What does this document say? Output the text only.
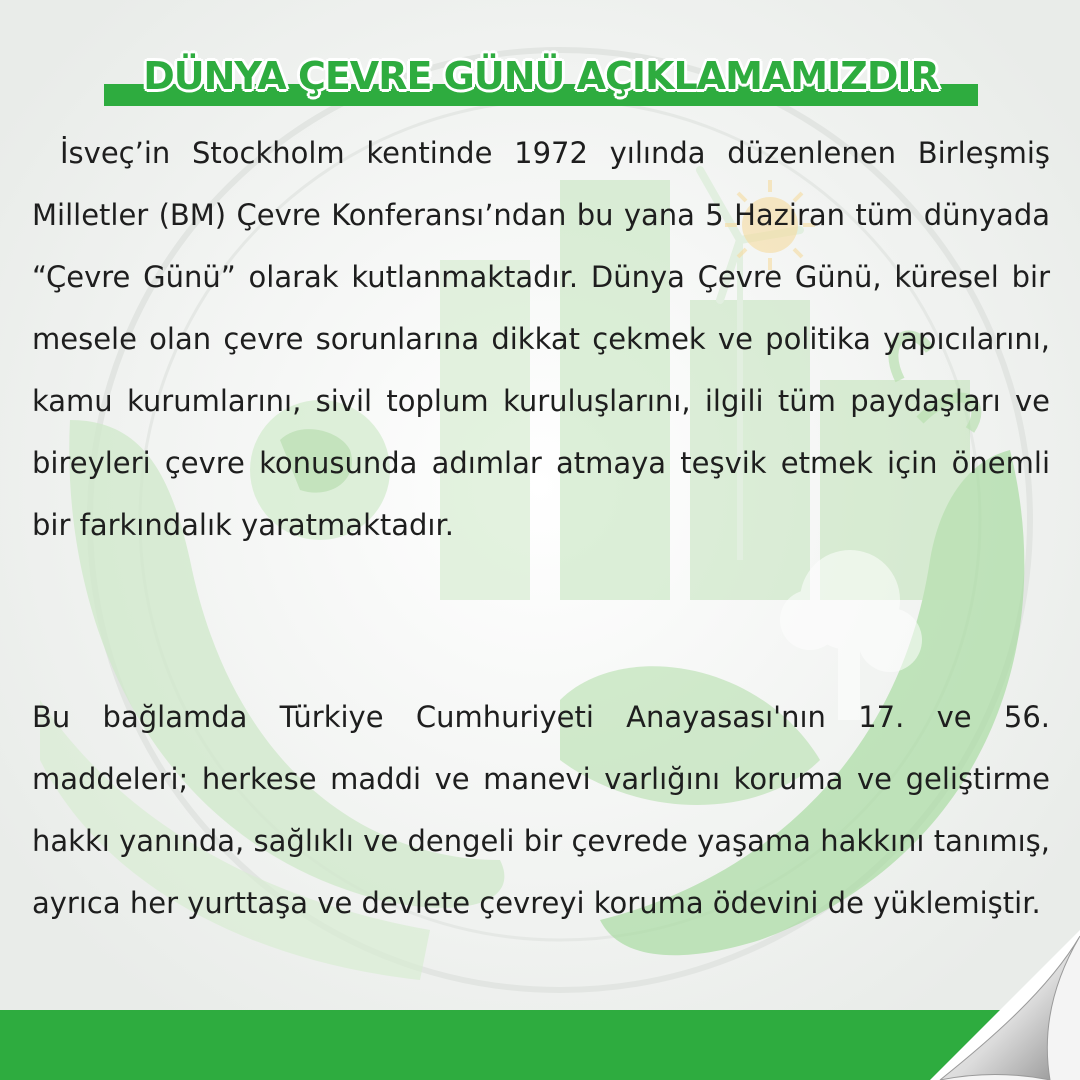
DÜNYA ÇEVRE GÜNÜ AÇIKLAMAMIZDIR

İsveç’in Stockholm kentinde 1972 yılında düzenlenen Birleşmiş Milletler (BM) Çevre Konferansı’ndan bu yana 5 Haziran tüm dünyada “Çevre Günü” olarak kutlanmaktadır. Dünya Çevre Günü, küresel bir mesele olan çevre sorunlarına dikkat çekmek ve politika yapıcılarını, kamu kurumlarını, sivil toplum kuruluşlarını, ilgili tüm paydaşları ve bireyleri çevre konusunda adımlar atmaya teşvik etmek için önemli bir farkındalık yaratmaktadır.

Bu bağlamda Türkiye Cumhuriyeti Anayasası'nın 17. ve 56. maddeleri; herkese maddi ve manevi varlığını koruma ve geliştirme hakkı yanında, sağlıklı ve dengeli bir çevrede yaşama hakkını tanımış, ayrıca her yurttaşa ve devlete çevreyi koruma ödevini de yüklemiştir.
